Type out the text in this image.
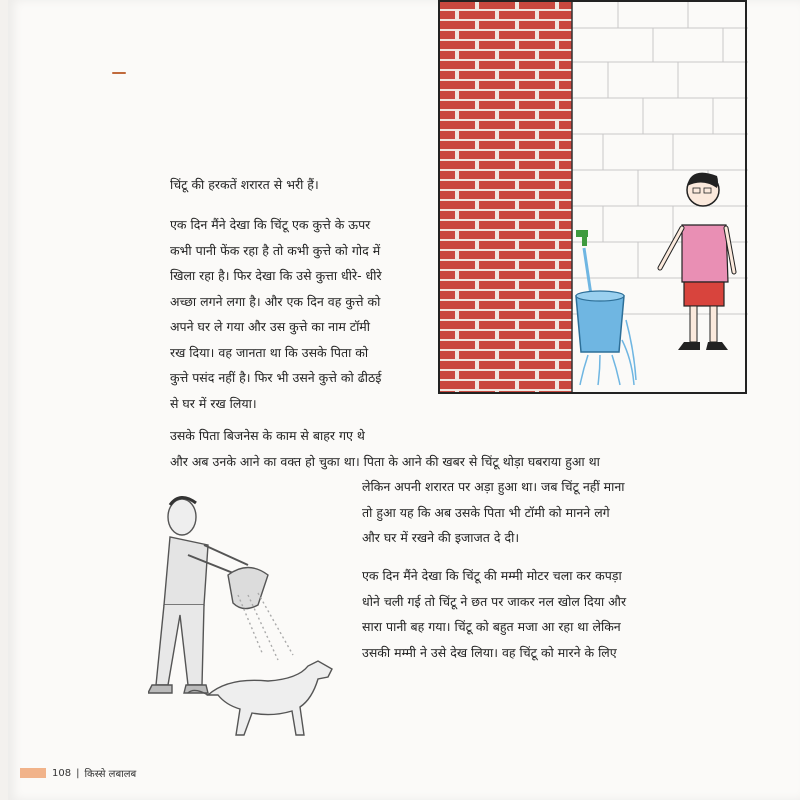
चिंटू की हरकतें शरारत से भरी हैं।

एक दिन मैंने देखा कि चिंटू एक कुत्ते के ऊपर
कभी पानी फेंक रहा है तो कभी कुत्ते को गोद में
खिला रहा है। फिर देखा कि उसे कुत्ता धीरे- धीरे
अच्छा लगने लगा है। और एक दिन वह कुत्ते को
अपने घर ले गया और उस कुत्ते का नाम टॉमी
रख दिया। वह जानता था कि उसके पिता को
कुत्ते पसंद नहीं है। फिर भी उसने कुत्ते को ढीठई
से घर में रख लिया।

उसके पिता बिजनेस के काम से बाहर गए थे
और अब उनके आने का वक्त हो चुका था। पिता के आने की खबर से चिंटू थोड़ा घबराया हुआ था
लेकिन अपनी शरारत पर अड़ा हुआ था। जब चिंटू नहीं माना
तो हुआ यह कि अब उसके पिता भी टॉमी को मानने लगे
और घर में रखने की इजाजत दे दी।

एक दिन मैंने देखा कि चिंटू की मम्मी मोटर चला कर कपड़ा
धोने चली गई तो चिंटू ने छत पर जाकर नल खोल दिया और
सारा पानी बह गया। चिंटू को बहुत मजा आ रहा था लेकिन
उसकी मम्मी ने उसे देख लिया। वह चिंटू को मारने के लिए

108 | किस्से लबालब
